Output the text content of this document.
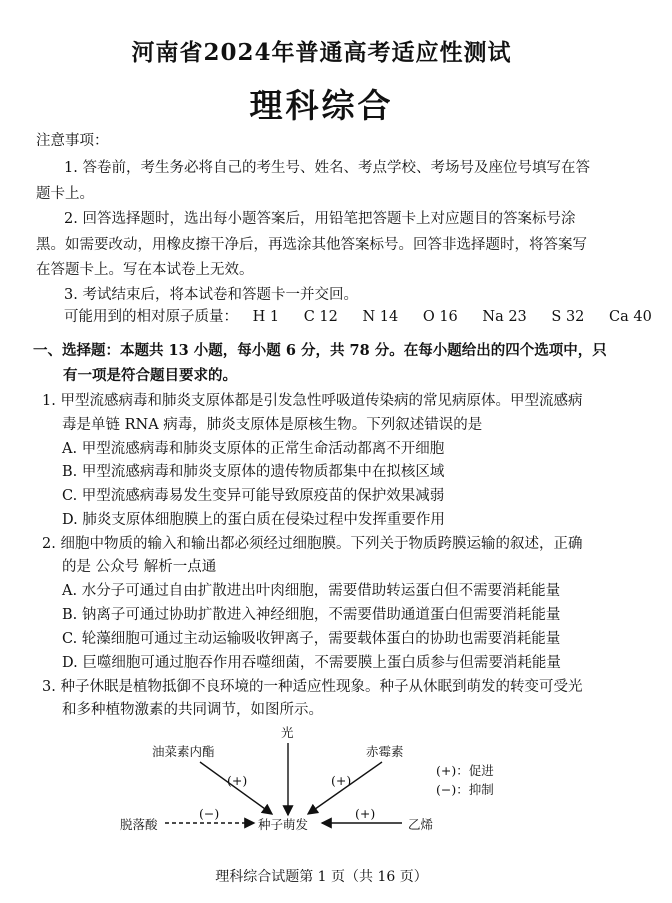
河南省2024年普通高考适应性测试
理科综合
注意事项：
1. 答卷前，考生务必将自己的考生号、姓名、考点学校、考场号及座位号填写在答
题卡上。
2. 回答选择题时，选出每小题答案后，用铅笔把答题卡上对应题目的答案标号涂
黑。如需要改动，用橡皮擦干净后，再选涂其他答案标号。回答非选择题时，将答案写
在答题卡上。写在本试卷上无效。
3. 考试结束后，将本试卷和答题卡一并交回。
可能用到的相对原子质量： H 1 C 12 N 14 O 16 Na 23 S 32 Ca 40
一、选择题：本题共 13 小题，每小题 6 分，共 78 分。在每小题给出的四个选项中，只
有一项是符合题目要求的。
1. 甲型流感病毒和肺炎支原体都是引发急性呼吸道传染病的常见病原体。甲型流感病
毒是单链 RNA 病毒，肺炎支原体是原核生物。下列叙述错误的是
A. 甲型流感病毒和肺炎支原体的正常生命活动都离不开细胞
B. 甲型流感病毒和肺炎支原体的遗传物质都集中在拟核区域
C. 甲型流感病毒易发生变异可能导致原疫苗的保护效果减弱
D. 肺炎支原体细胞膜上的蛋白质在侵染过程中发挥重要作用
2. 细胞中物质的输入和输出都必须经过细胞膜。下列关于物质跨膜运输的叙述，正确
的是 公众号 解析一点通
A. 水分子可通过自由扩散进出叶肉细胞，需要借助转运蛋白但不需要消耗能量
B. 钠离子可通过协助扩散进入神经细胞，不需要借助通道蛋白但需要消耗能量
C. 轮藻细胞可通过主动运输吸收钾离子，需要载体蛋白的协助也需要消耗能量
D. 巨噬细胞可通过胞吞作用吞噬细菌，不需要膜上蛋白质参与但需要消耗能量
3. 种子休眠是植物抵御不良环境的一种适应性现象。种子从休眠到萌发的转变可受光
和多种植物激素的共同调节，如图所示。
光
油菜素内酯	赤霉素
(+)	(+)
(+)：促进
(−)：抑制
(−)	(+)
脱落酸	种子萌发	乙烯
理科综合试题第 1 页（共 16 页）
